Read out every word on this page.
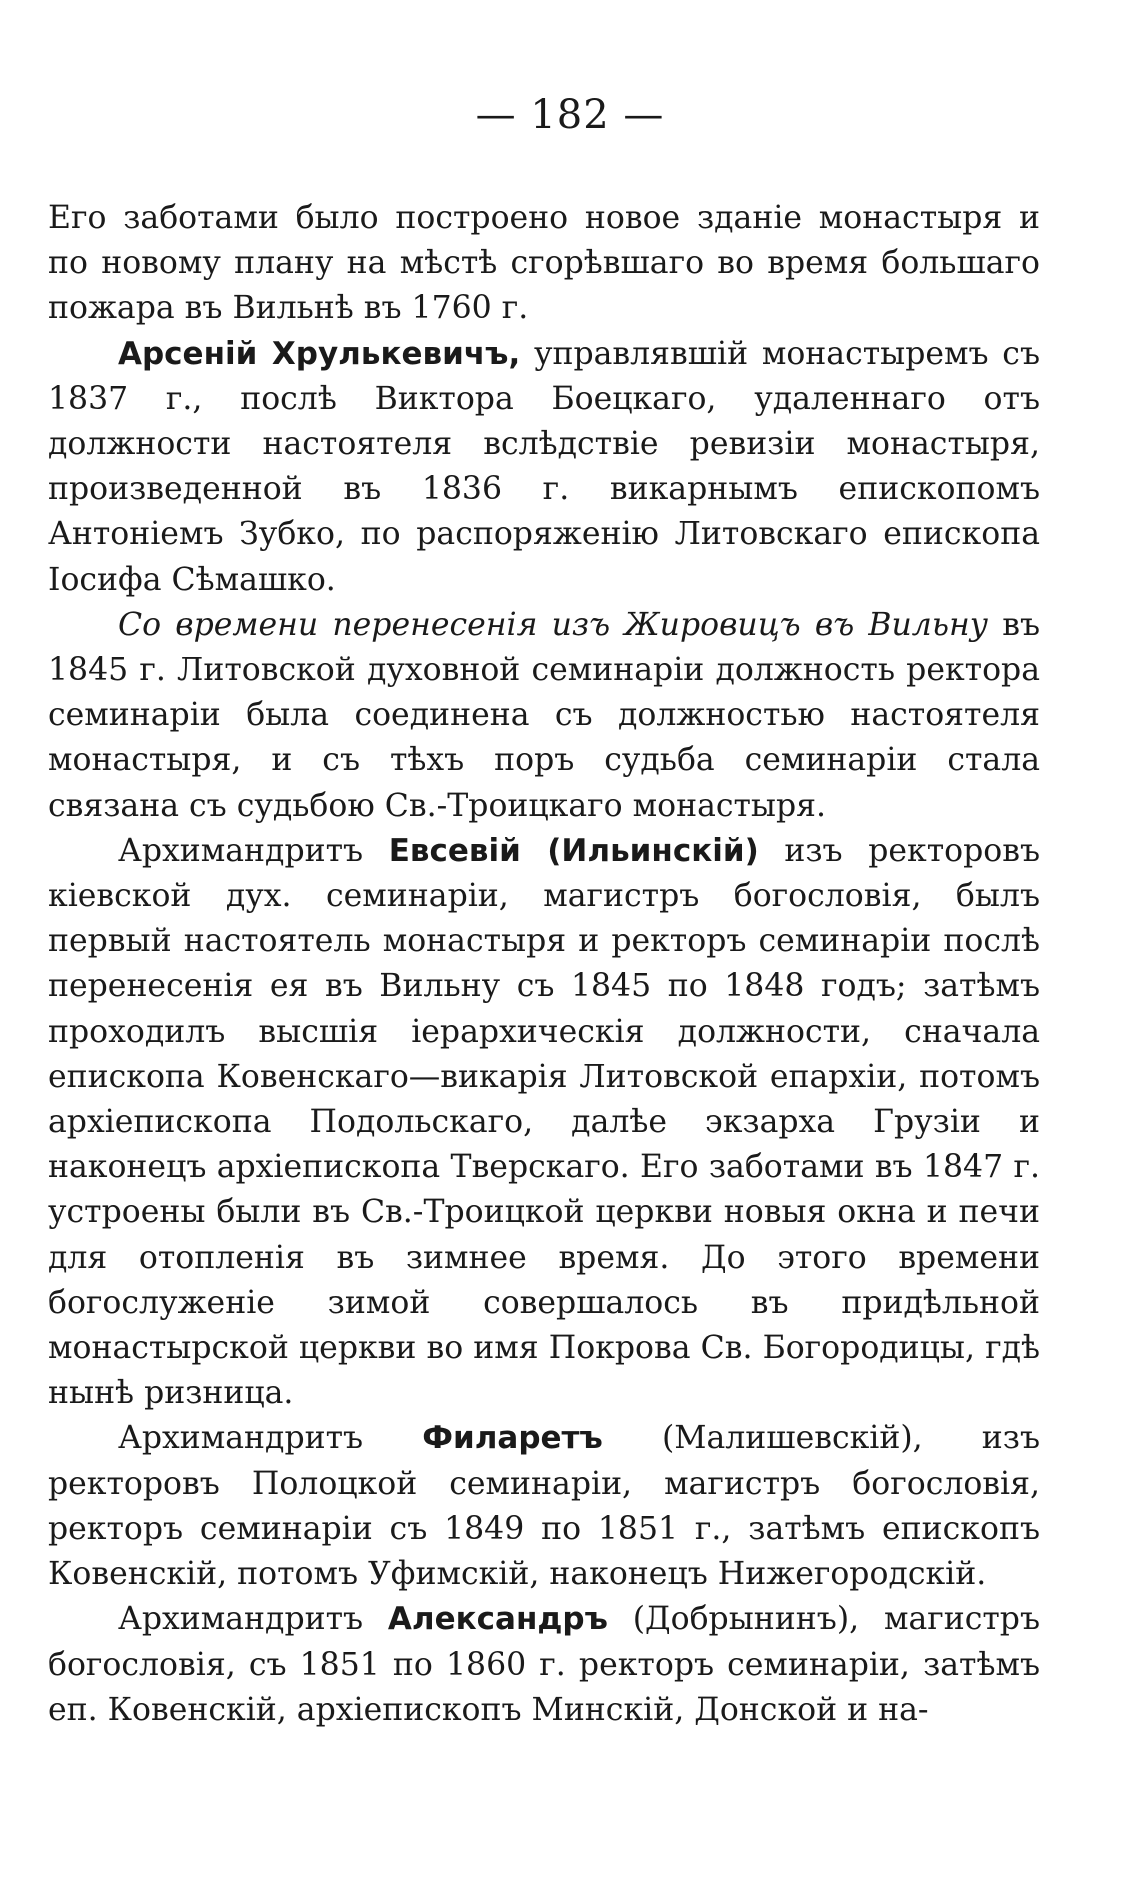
— 182 —

Его заботами было построено новое зданіе монастыря и по новому плану на мѣстѣ сгорѣвшаго во время большаго пожара въ Вильнѣ въ 1760 г.

Арсеній Хрулькевичъ, управлявшій монастыремъ съ 1837 г., послѣ Виктора Боецкаго, удаленнаго отъ должности настоятеля вслѣдствіе ревизіи монастыря, произведенной въ 1836 г. викарнымъ епископомъ Антоніемъ Зубко, по распоряженію Литовскаго епископа Іосифа Сѣмашко.

Со времени перенесенія изъ Жировицъ въ Вильну въ 1845 г. Литовской духовной семинаріи должность ректора семинаріи была соединена съ должностью настоятеля монастыря, и съ тѣхъ поръ судьба семинаріи стала связана съ судьбою Св.-Троицкаго монастыря.

Архимандритъ Евсевій (Ильинскій) изъ ректоровъ кіевской дух. семинаріи, магистръ богословія, былъ первый настоятель монастыря и ректоръ семинаріи послѣ перенесенія ея въ Вильну съ 1845 по 1848 годъ; затѣмъ проходилъ высшія іерархическія должности, сначала епископа Ковенскаго—викарія Литовской епархіи, потомъ архіепископа Подольскаго, далѣе экзарха Грузіи и наконецъ архіепископа Тверскаго. Его заботами въ 1847 г. устроены были въ Св.-Троицкой церкви новыя окна и печи для отопленія въ зимнее время. До этого времени богослуженіе зимой совершалось въ придѣльной монастырской церкви во имя Покрова Св. Богородицы, гдѣ нынѣ ризница.

Архимандритъ Филаретъ (Малишевскій), изъ ректоровъ Полоцкой семинаріи, магистръ богословія, ректоръ семинаріи съ 1849 по 1851 г., затѣмъ епископъ Ковенскій, потомъ Уфимскій, наконецъ Нижегородскій.

Архимандритъ Александръ (Добрынинъ), магистръ богословія, съ 1851 по 1860 г. ректоръ семинаріи, затѣмъ еп. Ковенскій, архіепископъ Минскій, Донской и на-
